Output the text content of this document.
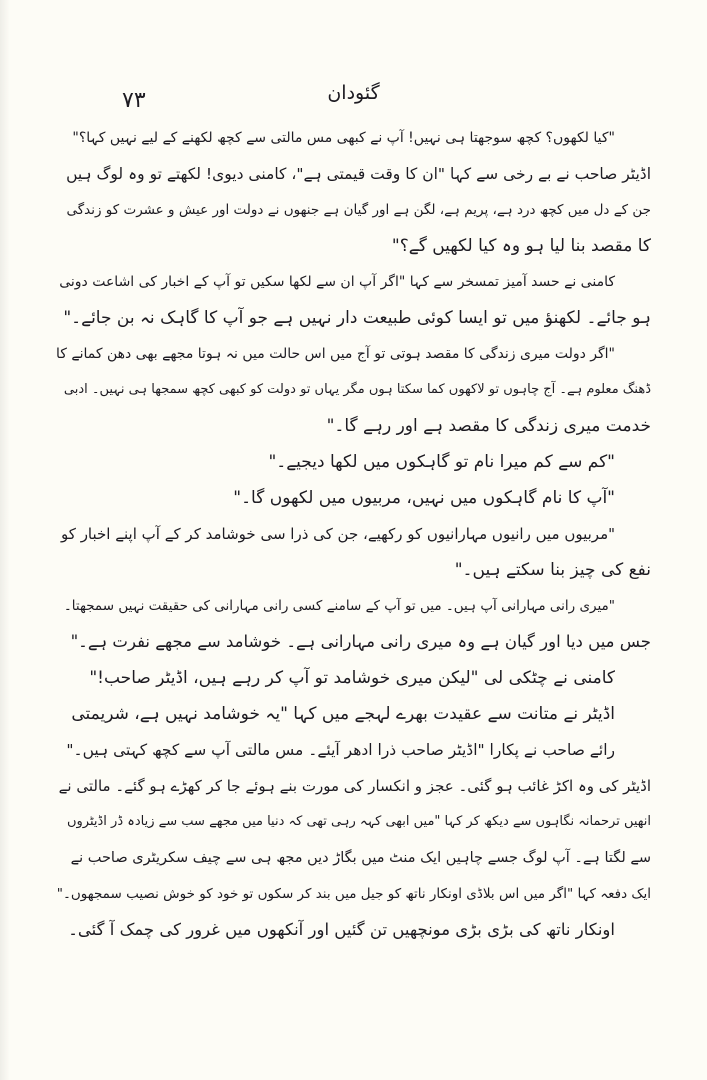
۷۳	گئودان
"کیا لکھوں؟ کچھ سوجھتا ہی نہیں! آپ نے کبھی مس مالتی سے کچھ لکھنے کے لیے نہیں کہا؟"
اڈیٹر صاحب نے بے رخی سے کہا "ان کا وقت قیمتی ہے"، کامنی دیوی! لکھتے تو وہ لوگ ہیں
جن کے دل میں کچھ درد ہے، پریم ہے، لگن ہے اور گیان ہے جنھوں نے دولت اور عیش و عشرت کو زندگی
کا مقصد بنا لیا ہو وہ کیا لکھیں گے؟"
کامنی نے حسد آمیز تمسخر سے کہا "اگر آپ ان سے لکھا سکیں تو آپ کے اخبار کی اشاعت دونی
ہو جائے۔ لکھنؤ میں تو ایسا کوئی طبیعت دار نہیں ہے جو آپ کا گاہک نہ بن جائے۔"
"اگر دولت میری زندگی کا مقصد ہوتی تو آج میں اس حالت میں نہ ہوتا مجھے بھی دھن کمانے کا
ڈھنگ معلوم ہے۔ آج چاہوں تو لاکھوں کما سکتا ہوں مگر یہاں تو دولت کو کبھی کچھ سمجھا ہی نہیں۔ ادبی
خدمت میری زندگی کا مقصد ہے اور رہے گا۔"
"کم سے کم میرا نام تو گاہکوں میں لکھا دیجیے۔"
"آپ کا نام گاہکوں میں نہیں، مربیوں میں لکھوں گا۔"
"مربیوں میں رانیوں مہارانیوں کو رکھیے، جن کی ذرا سی خوشامد کر کے آپ اپنے اخبار کو
نفع کی چیز بنا سکتے ہیں۔"
"میری رانی مہارانی آپ ہیں۔ میں تو آپ کے سامنے کسی رانی مہارانی کی حقیقت نہیں سمجھتا۔
جس میں دیا اور گیان ہے وہ میری رانی مہارانی ہے۔ خوشامد سے مجھے نفرت ہے۔"
کامنی نے چٹکی لی "لیکن میری خوشامد تو آپ کر رہے ہیں، اڈیٹر صاحب!"
اڈیٹر نے متانت سے عقیدت بھرے لہجے میں کہا "یہ خوشامد نہیں ہے، شریمتی
رائے صاحب نے پکارا "اڈیٹر صاحب ذرا ادھر آیئے۔ مس مالتی آپ سے کچھ کہتی ہیں۔"
اڈیٹر کی وہ اکڑ غائب ہو گئی۔ عجز و انکسار کی مورت بنے ہوئے جا کر کھڑے ہو گئے۔ مالتی نے
انھیں ترحمانہ نگاہوں سے دیکھ کر کہا "میں ابھی کہہ رہی تھی کہ دنیا میں مجھے سب سے زیادہ ڈر اڈیٹروں
سے لگتا ہے۔ آپ لوگ جسے چاہیں ایک منٹ میں بگاڑ دیں مجھ ہی سے چیف سکریٹری صاحب نے
ایک دفعہ کہا "اگر میں اس بلاڈی اونکار ناتھ کو جیل میں بند کر سکوں تو خود کو خوش نصیب سمجھوں۔"
اونکار ناتھ کی بڑی بڑی مونچھیں تن گئیں اور آنکھوں میں غرور کی چمک آ گئی۔
